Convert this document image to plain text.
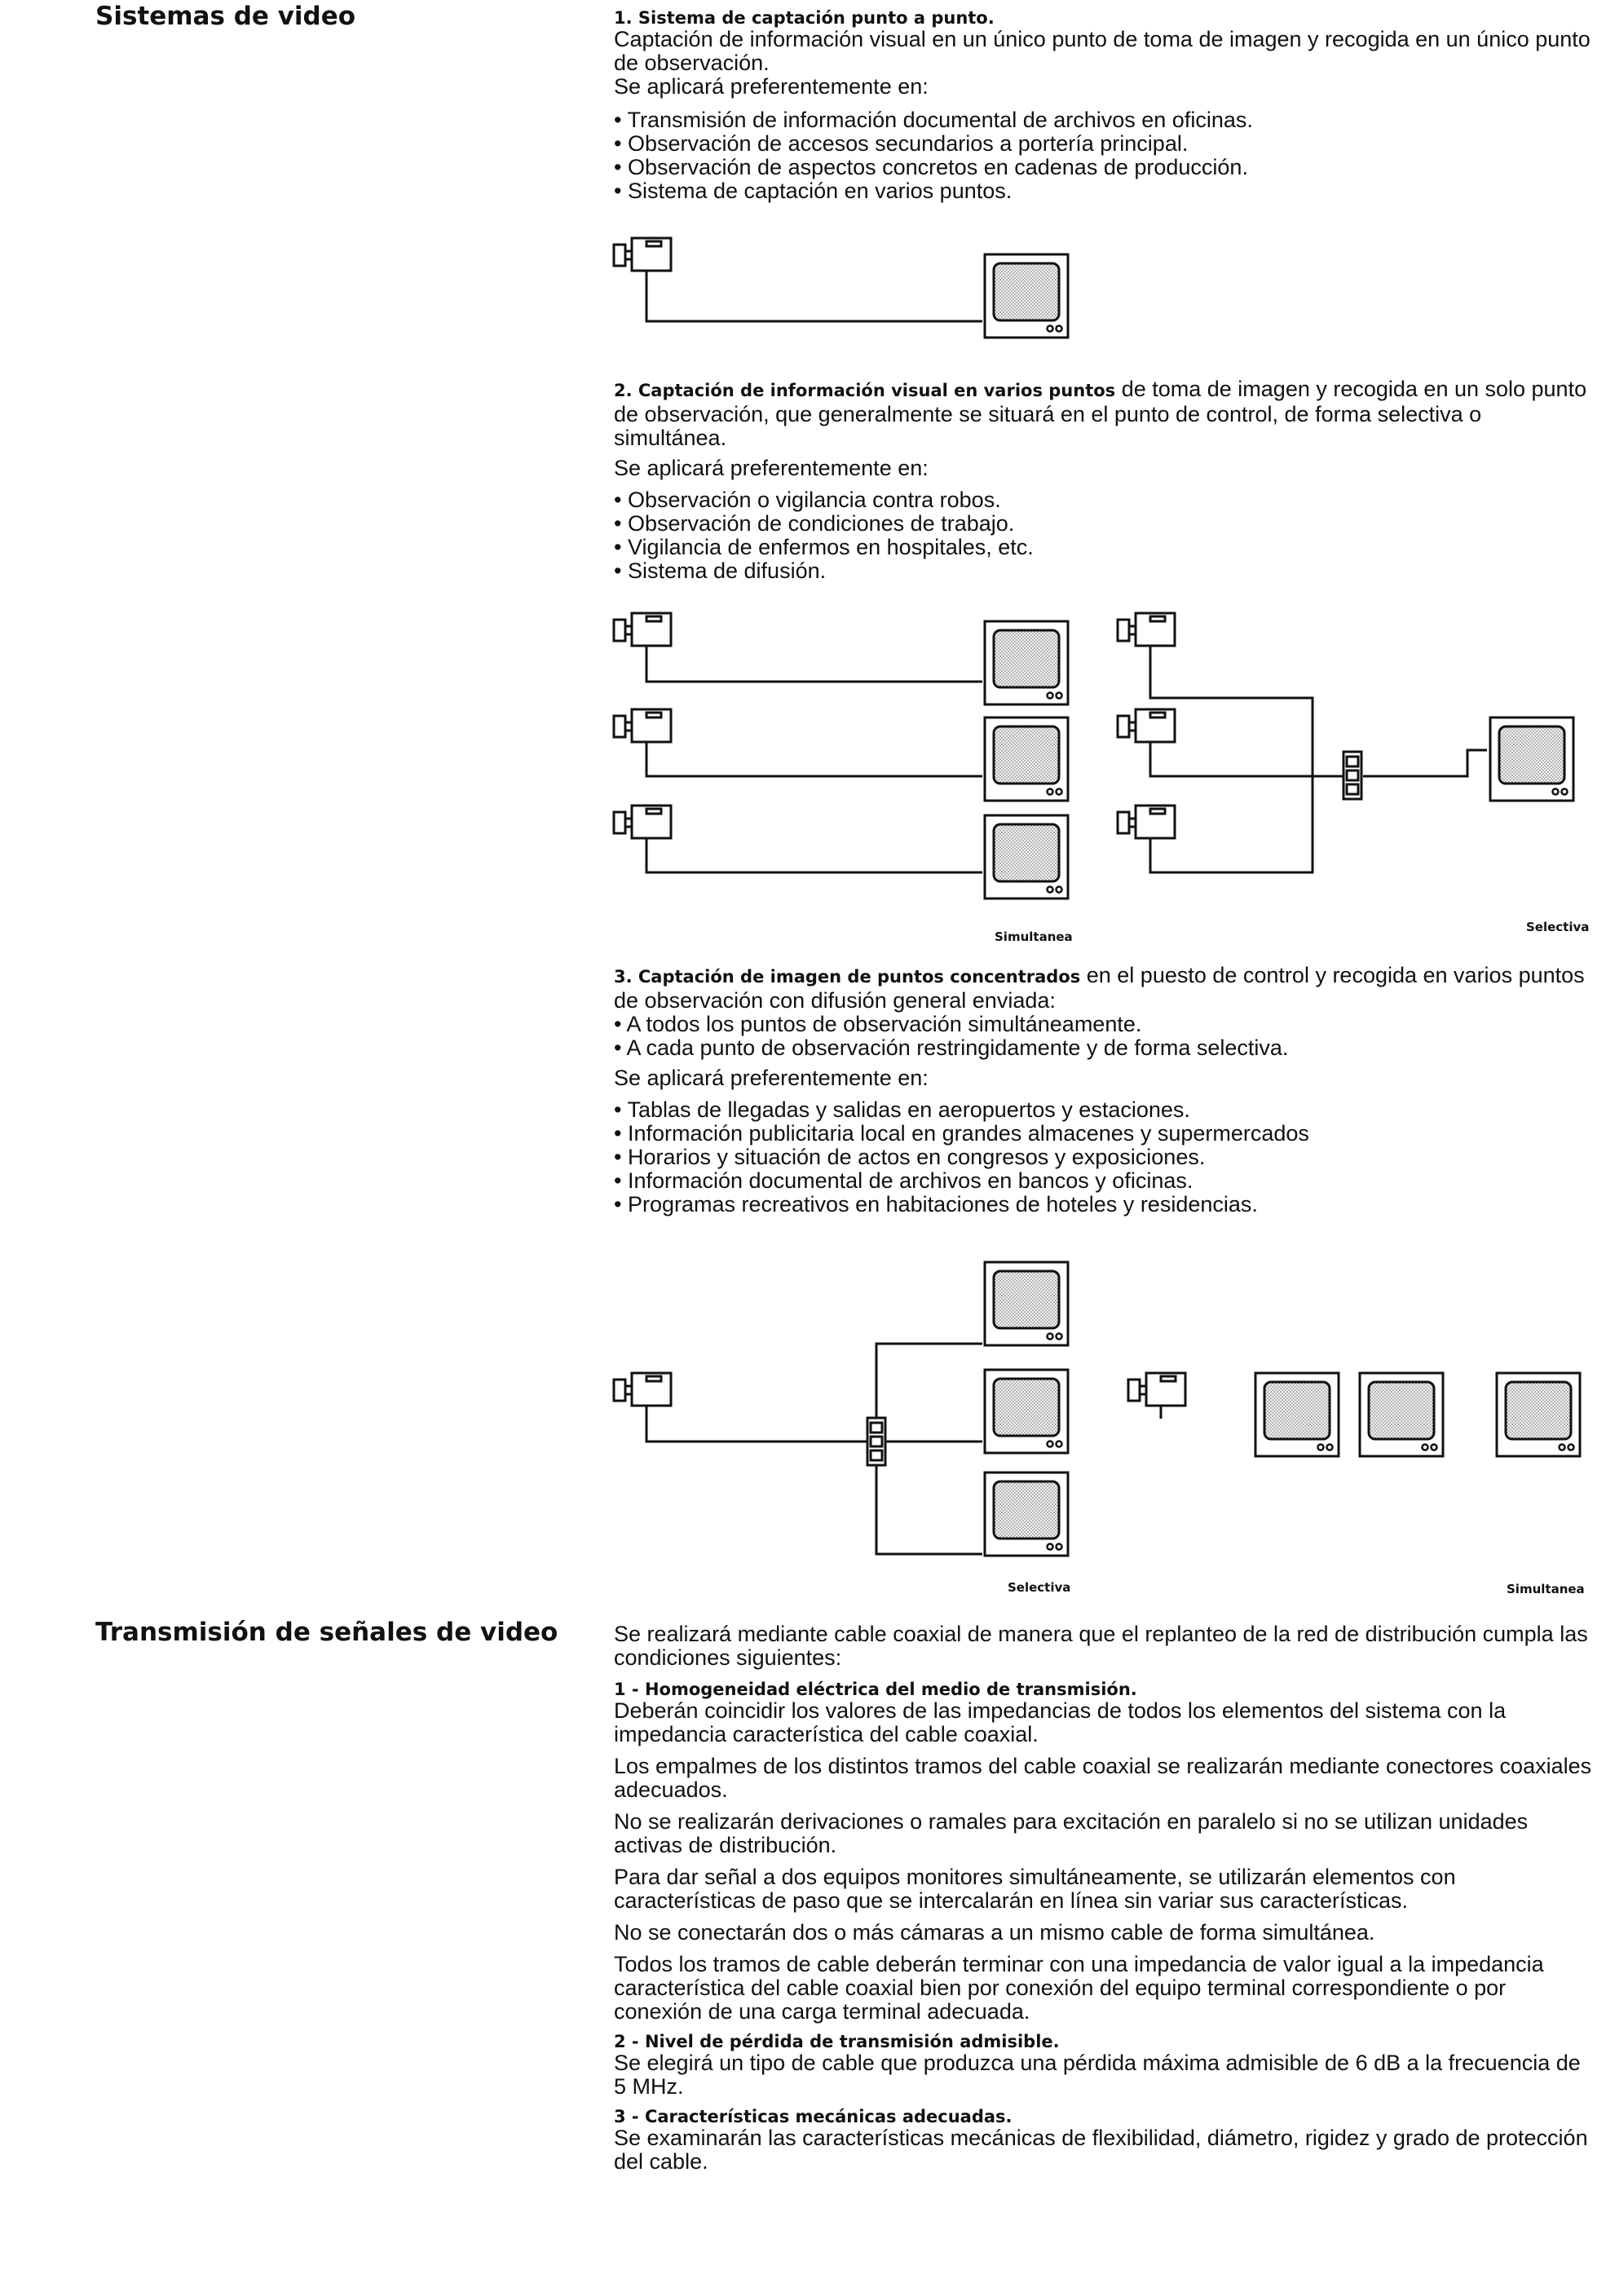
Sistemas de video	1. Sistema de captación punto a punto.

Captación de información visual en un único punto de toma de imagen y recogida en un único punto de observación.

Se aplicará preferentemente en:

• Transmisión de información documental de archivos en oficinas.
• Observación de accesos secundarios a portería principal.
• Observación de aspectos concretos en cadenas de producción.
• Sistema de captación en varios puntos.

2. Captación de información visual en varios puntos de toma de imagen y recogida en un solo punto de observación, que generalmente se situará en el punto de control, de forma selectiva o simultánea.

Se aplicará preferentemente en:

• Observación o vigilancia contra robos.
• Observación de condiciones de trabajo.
• Vigilancia de enfermos en hospitales, etc.
• Sistema de difusión.
Simultanea
Selectiva

3. Captación de imagen de puntos concentrados en el puesto de control y recogida en varios puntos de observación con difusión general enviada:

• A todos los puntos de observación simultáneamente.
• A cada punto de observación restringidamente y de forma selectiva.

Se aplicará preferentemente en:

• Tablas de llegadas y salidas en aeropuertos y estaciones.
• Información publicitaria local en grandes almacenes y supermercados
• Horarios y situación de actos en congresos y exposiciones.
• Información documental de archivos en bancos y oficinas.
• Programas recreativos en habitaciones de hoteles y residencias.
Selectiva	Simultanea
Transmisión de señales de video	Se realizará mediante cable coaxial de manera que el replanteo de la red de distribución cumpla las condiciones siguientes:

1 - Homogeneidad eléctrica del medio de transmisión.

Deberán coincidir los valores de las impedancias de todos los elementos del sistema con la impedancia característica del cable coaxial.

Los empalmes de los distintos tramos del cable coaxial se realizarán mediante conectores coaxiales adecuados.

No se realizarán derivaciones o ramales para excitación en paralelo si no se utilizan unidades activas de distribución.

Para dar señal a dos equipos monitores simultáneamente, se utilizarán elementos con características de paso que se intercalarán en línea sin variar sus características.

No se conectarán dos o más cámaras a un mismo cable de forma simultánea.

Todos los tramos de cable deberán terminar con una impedancia de valor igual a la impedancia característica del cable coaxial bien por conexión del equipo terminal correspondiente o por conexión de una carga terminal adecuada.

2 - Nivel de pérdida de transmisión admisible.

Se elegirá un tipo de cable que produzca una pérdida máxima admisible de 6 dB a la frecuencia de 5 MHz.

3 - Características mecánicas adecuadas.

Se examinarán las características mecánicas de flexibilidad, diámetro, rigidez y grado de protección del cable.
